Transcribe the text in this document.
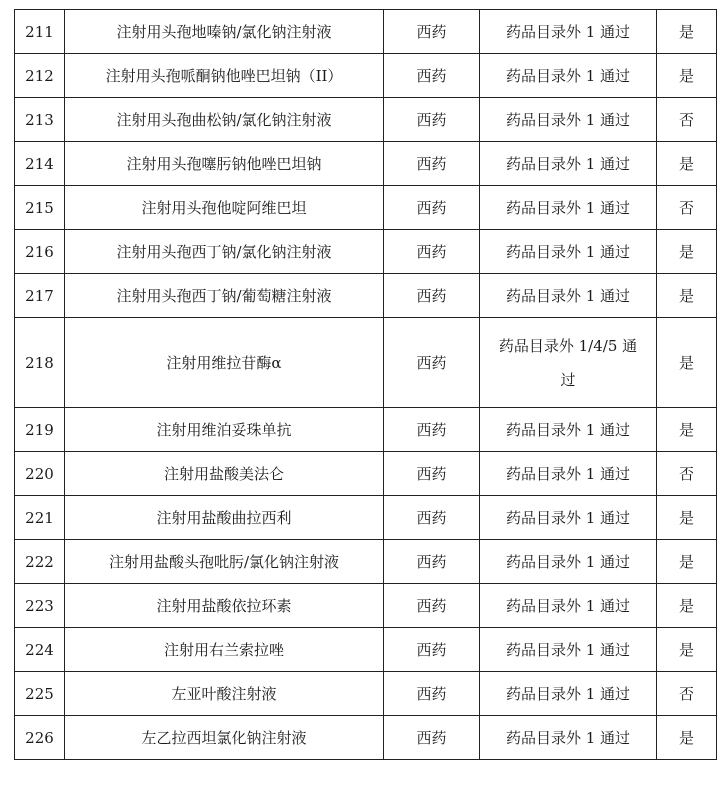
211	注射用头孢地嗪钠/氯化钠注射液	西药	药品目录外 1 通过	是
212	注射用头孢哌酮钠他唑巴坦钠（II）	西药	药品目录外 1 通过	是
213	注射用头孢曲松钠/氯化钠注射液	西药	药品目录外 1 通过	否
214	注射用头孢噻肟钠他唑巴坦钠	西药	药品目录外 1 通过	是
215	注射用头孢他啶阿维巴坦	西药	药品目录外 1 通过	否
216	注射用头孢西丁钠/氯化钠注射液	西药	药品目录外 1 通过	是
217	注射用头孢西丁钠/葡萄糖注射液	西药	药品目录外 1 通过	是
218	注射用维拉苷酶α	西药	药品目录外 1/4/5 通过	是
219	注射用维泊妥珠单抗	西药	药品目录外 1 通过	是
220	注射用盐酸美法仑	西药	药品目录外 1 通过	否
221	注射用盐酸曲拉西利	西药	药品目录外 1 通过	是
222	注射用盐酸头孢吡肟/氯化钠注射液	西药	药品目录外 1 通过	是
223	注射用盐酸依拉环素	西药	药品目录外 1 通过	是
224	注射用右兰索拉唑	西药	药品目录外 1 通过	是
225	左亚叶酸注射液	西药	药品目录外 1 通过	否
226	左乙拉西坦氯化钠注射液	西药	药品目录外 1 通过	是
